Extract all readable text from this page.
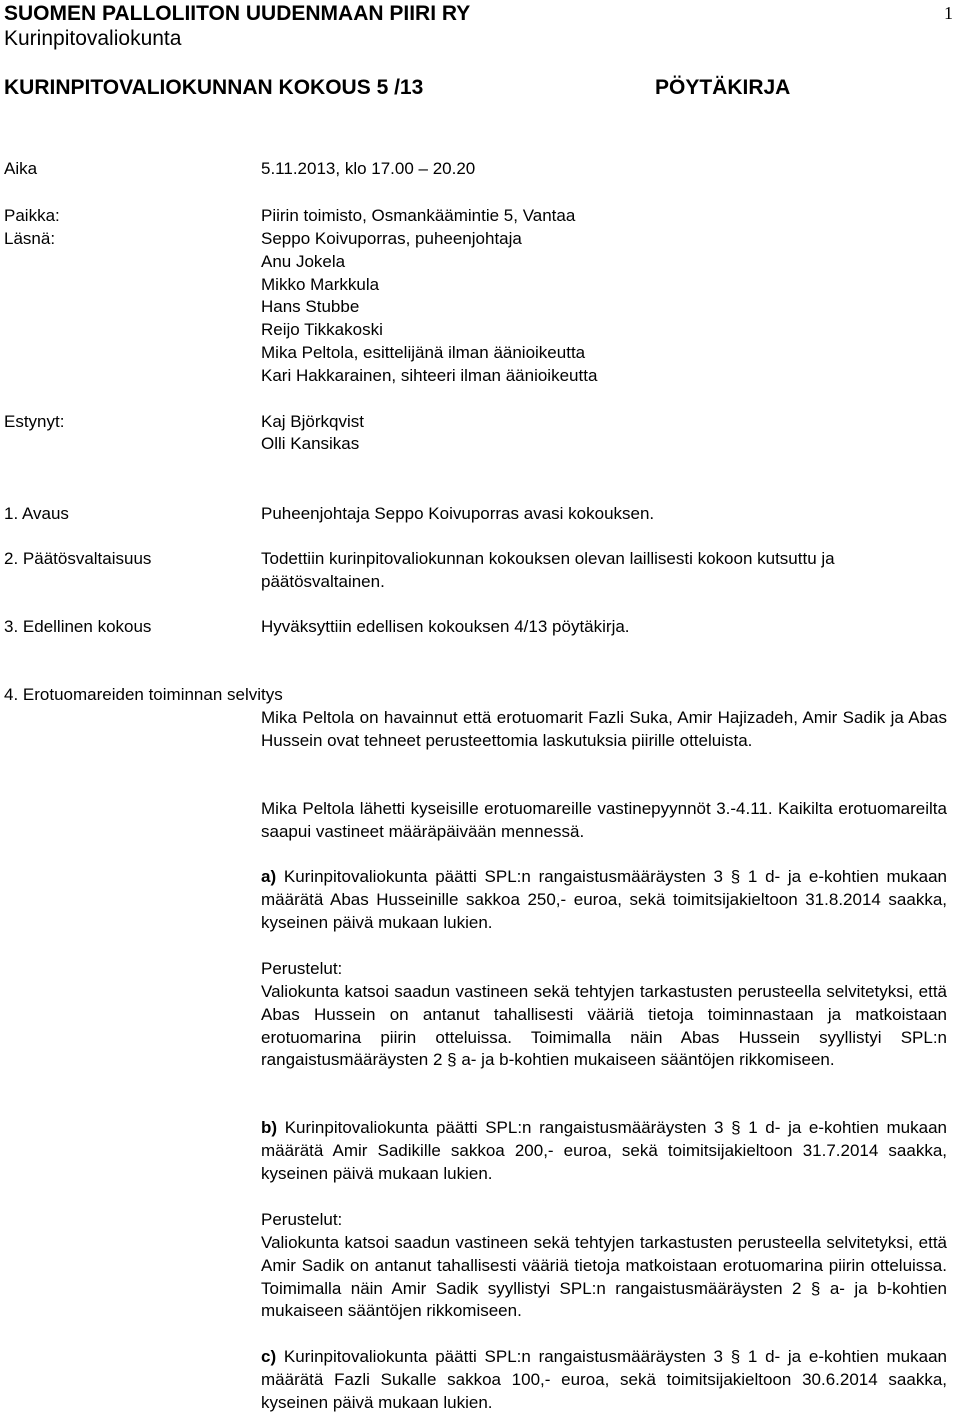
SUOMEN PALLOLIITON UUDENMAAN PIIRI RY
Kurinpitovaliokunta
1
KURINPITOVALIOKUNNAN KOKOUS 5 /13	PÖYTÄKIRJA
Aika	5.11.2013, klo 17.00 – 20.20
Paikka:	Piirin toimisto, Osmankäämintie 5, Vantaa
Läsnä:	Seppo Koivuporras, puheenjohtaja
Anu Jokela
Mikko Markkula
Hans Stubbe
Reijo Tikkakoski
Mika Peltola, esittelijänä ilman äänioikeutta
Kari Hakkarainen, sihteeri ilman äänioikeutta
Estynyt:	Kaj Björkqvist
Olli Kansikas
1. Avaus	Puheenjohtaja Seppo Koivuporras avasi kokouksen.
2. Päätösvaltaisuus	Todettiin kurinpitovaliokunnan kokouksen olevan laillisesti kokoon kutsuttu ja päätösvaltainen.
3. Edellinen kokous	Hyväksyttiin edellisen kokouksen 4/13 pöytäkirja.
4. Erotuomareiden toiminnan selvitys
Mika Peltola on havainnut että erotuomarit Fazli Suka, Amir Hajizadeh, Amir Sadik ja Abas Hussein ovat tehneet perusteettomia laskutuksia piirille otteluista.
Mika Peltola lähetti kyseisille erotuomareille vastinepyynnöt 3.-4.11. Kaikilta erotuomareilta saapui vastineet määräpäivään mennessä.
a) Kurinpitovaliokunta päätti SPL:n rangaistusmääräysten 3 § 1 d- ja e-kohtien mukaan määrätä Abas Husseinille sakkoa 250,- euroa, sekä toimitsijakieltoon 31.8.2014 saakka, kyseinen päivä mukaan lukien.
Perustelut:
Valiokunta katsoi saadun vastineen sekä tehtyjen tarkastusten perusteella selvitetyksi, että Abas Hussein on antanut tahallisesti vääriä tietoja toiminnastaan ja matkoistaan erotuomarina piirin otteluissa. Toimimalla näin Abas Hussein syyllistyi SPL:n rangaistusmääräysten 2 § a- ja b-kohtien mukaiseen sääntöjen rikkomiseen.
b) Kurinpitovaliokunta päätti SPL:n rangaistusmääräysten 3 § 1 d- ja e-kohtien mukaan määrätä Amir Sadikille sakkoa 200,- euroa, sekä toimitsijakieltoon 31.7.2014 saakka, kyseinen päivä mukaan lukien.
Perustelut:
Valiokunta katsoi saadun vastineen sekä tehtyjen tarkastusten perusteella selvitetyksi, että Amir Sadik on antanut tahallisesti vääriä tietoja matkoistaan erotuomarina piirin otteluissa. Toimimalla näin Amir Sadik syyllistyi SPL:n rangaistusmääräysten 2 § a- ja b-kohtien mukaiseen sääntöjen rikkomiseen.
c) Kurinpitovaliokunta päätti SPL:n rangaistusmääräysten 3 § 1 d- ja e-kohtien mukaan määrätä Fazli Sukalle sakkoa 100,- euroa, sekä toimitsijakieltoon 30.6.2014 saakka, kyseinen päivä mukaan lukien.
